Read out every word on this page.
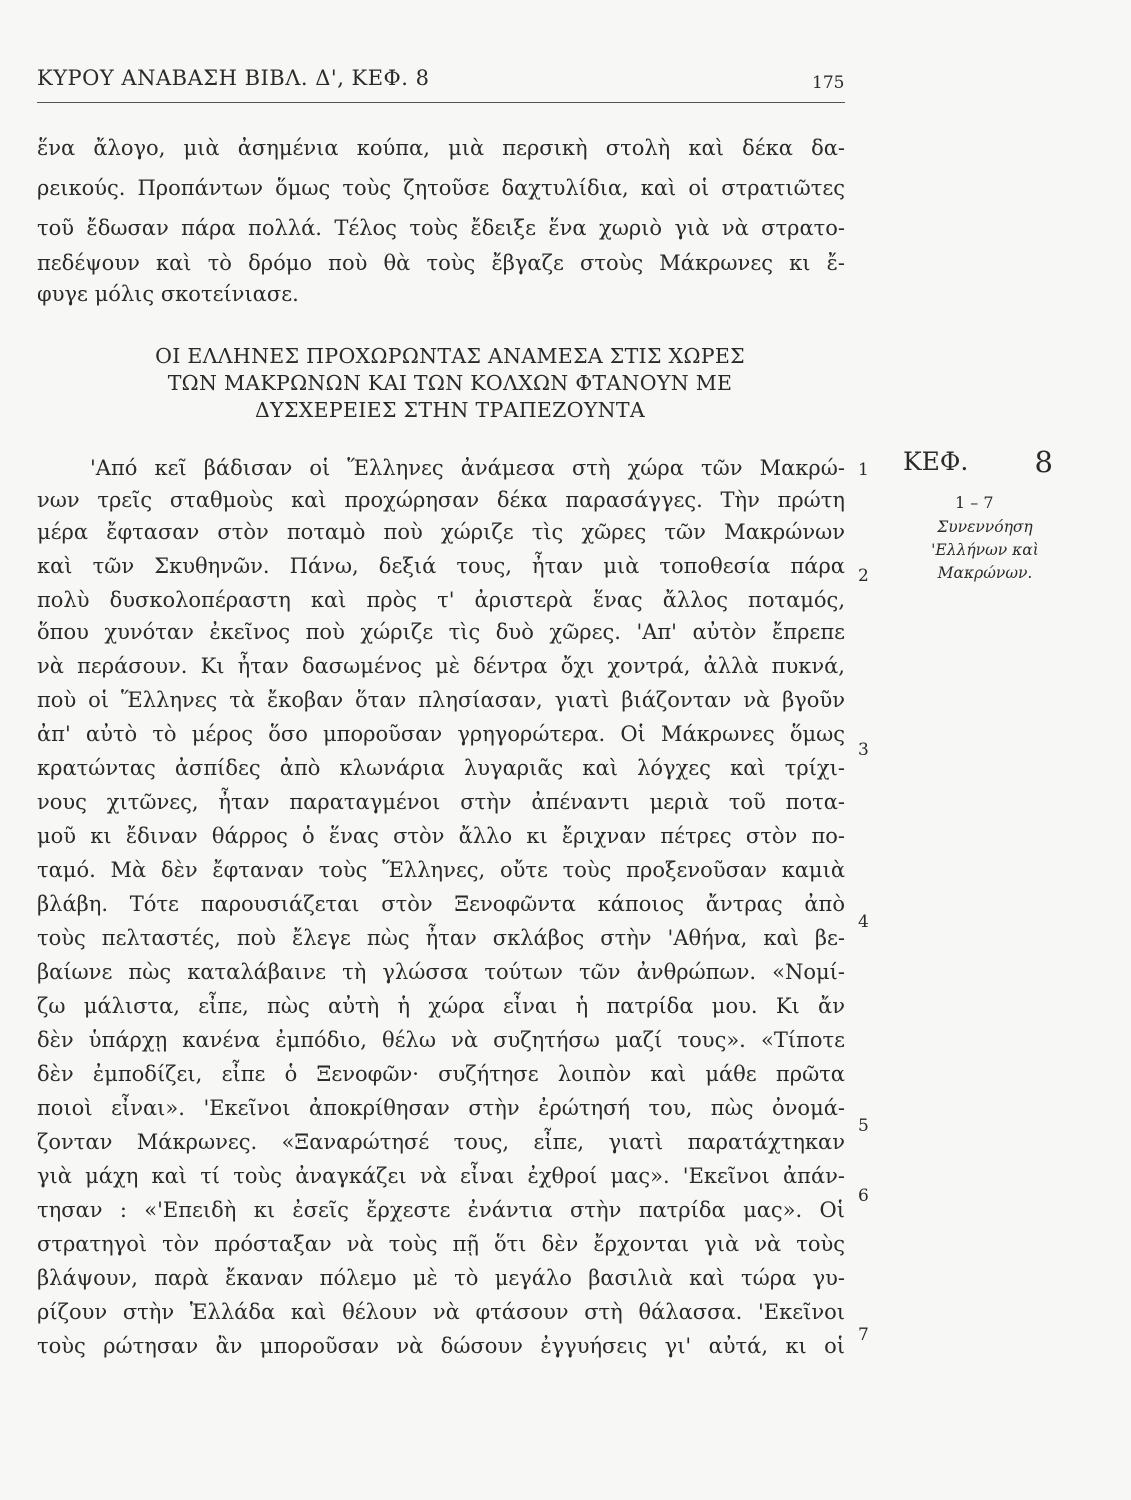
ΚΥΡΟΥ ΑΝΑΒΑΣΗ ΒΙΒΛ. Δ', ΚΕΦ. 8	175
ἕνα ἄλογο, μιὰ ἀσημένια κούπα, μιὰ περσικὴ στολὴ καὶ δέκα δα-
ρεικούς. Προπάντων ὅμως τοὺς ζητοῦσε δαχτυλίδια, καὶ οἱ στρατιῶτες
τοῦ ἔδωσαν πάρα πολλά. Τέλος τοὺς ἔδειξε ἕνα χωριὸ γιὰ νὰ στρατο-
πεδέψουν καὶ τὸ δρόμο ποὺ θὰ τοὺς ἔβγαζε στοὺς Μάκρωνες κι ἔ-
φυγε μόλις σκοτείνιασε.
ΟΙ ΕΛΛΗΝΕΣ ΠΡΟΧΩΡΩΝΤΑΣ ΑΝΑΜΕΣΑ ΣΤΙΣ ΧΩΡΕΣ
ΤΩΝ ΜΑΚΡΩΝΩΝ ΚΑΙ ΤΩΝ ΚΟΛΧΩΝ ΦΤΑΝΟΥΝ ΜΕ
ΔΥΣΧΕΡΕΙΕΣ ΣΤΗΝ ΤΡΑΠΕΖΟΥΝΤΑ
'Από κεῖ βάδισαν οἱ Ἕλληνες ἀνάμεσα στὴ χώρα τῶν Μακρώ-
νων τρεῖς σταθμοὺς καὶ προχώρησαν δέκα παρασάγγες. Τὴν πρώτη
μέρα ἔφτασαν στὸν ποταμὸ ποὺ χώριζε τὶς χῶρες τῶν Μακρώνων
καὶ τῶν Σκυθηνῶν. Πάνω, δεξιά τους, ἦταν μιὰ τοποθεσία πάρα
πολὺ δυσκολοπέραστη καὶ πρὸς τ' ἀριστερὰ ἕνας ἄλλος ποταμός,
ὅπου χυνόταν ἐκεῖνος ποὺ χώριζε τὶς δυὸ χῶρες. 'Απ' αὐτὸν ἔπρεπε
νὰ περάσουν. Κι ἦταν δασωμένος μὲ δέντρα ὄχι χοντρά, ἀλλὰ πυκνά,
ποὺ οἱ Ἕλληνες τὰ ἔκοβαν ὅταν πλησίασαν, γιατὶ βιάζονταν νὰ βγοῦν
ἀπ' αὐτὸ τὸ μέρος ὅσο μποροῦσαν γρηγορώτερα. Οἱ Μάκρωνες ὅμως
κρατώντας ἀσπίδες ἀπὸ κλωνάρια λυγαριᾶς καὶ λόγχες καὶ τρίχι-
νους χιτῶνες, ἦταν παραταγμένοι στὴν ἀπέναντι μεριὰ τοῦ ποτα-
μοῦ κι ἔδιναν θάρρος ὁ ἕνας στὸν ἄλλο κι ἔριχναν πέτρες στὸν πο-
ταμό. Μὰ δὲν ἔφταναν τοὺς Ἕλληνες, οὔτε τοὺς προξενοῦσαν καμιὰ
βλάβη. Τότε παρουσιάζεται στὸν Ξενοφῶντα κάποιος ἄντρας ἀπὸ
τοὺς πελταστές, ποὺ ἔλεγε πὼς ἦταν σκλάβος στὴν 'Αθήνα, καὶ βε-
βαίωνε πὼς καταλάβαινε τὴ γλώσσα τούτων τῶν ἀνθρώπων. «Νομί-
ζω μάλιστα, εἶπε, πὼς αὐτὴ ἡ χώρα εἶναι ἡ πατρίδα μου. Κι ἄν
δὲν ὑπάρχῃ κανένα ἐμπόδιο, θέλω νὰ συζητήσω μαζί τους». «Τίποτε
δὲν ἐμποδίζει, εἶπε ὁ Ξενοφῶν· συζήτησε λοιπὸν καὶ μάθε πρῶτα
ποιοὶ εἶναι». 'Εκεῖνοι ἀποκρίθησαν στὴν ἐρώτησή του, πὼς ὀνομά-
ζονταν Μάκρωνες. «Ξαναρώτησέ τους, εἶπε, γιατὶ παρατάχτηκαν
γιὰ μάχη καὶ τί τοὺς ἀναγκάζει νὰ εἶναι ἐχθροί μας». 'Εκεῖνοι ἀπάν-
τησαν : «'Επειδὴ κι ἐσεῖς ἔρχεστε ἐνάντια στὴν πατρίδα μας». Οἱ
στρατηγοὶ τὸν πρόσταξαν νὰ τοὺς πῇ ὅτι δὲν ἔρχονται γιὰ νὰ τοὺς
βλάψουν, παρὰ ἔκαναν πόλεμο μὲ τὸ μεγάλο βασιλιὰ καὶ τώρα γυ-
ρίζουν στὴν Ἑλλάδα καὶ θέλουν νὰ φτάσουν στὴ θάλασσα. 'Εκεῖνοι
τοὺς ρώτησαν ἂν μποροῦσαν νὰ δώσουν ἐγγυήσεις γι' αὐτά, κι οἱ
1
2
3
4
5
6
7
ΚΕΦ. 8
1 – 7
Συνεννόηση
'Ελλήνων καὶ
Μακρώνων.
